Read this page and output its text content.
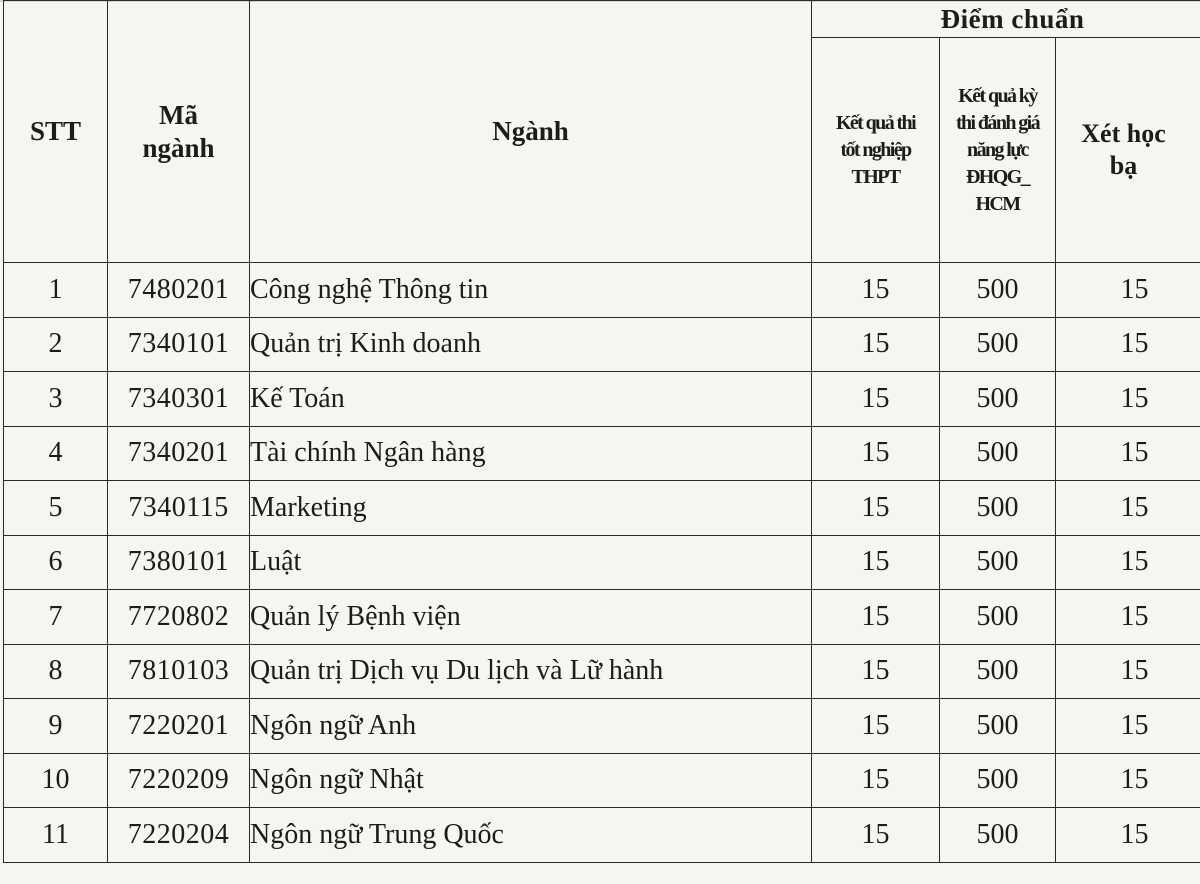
STT	Mã ngành	Ngành	Điểm chuẩn		
			Kết quả thi tốt nghiệp THPT	Kết quả kỳ thi đánh giá năng lực ĐHQG_ HCM	Xét học bạ
1	7480201	Công nghệ Thông tin	15	500	15
2	7340101	Quản trị Kinh doanh	15	500	15
3	7340301	Kế Toán	15	500	15
4	7340201	Tài chính Ngân hàng	15	500	15
5	7340115	Marketing	15	500	15
6	7380101	Luật	15	500	15
7	7720802	Quản lý Bệnh viện	15	500	15
8	7810103	Quản trị Dịch vụ Du lịch và Lữ hành	15	500	15
9	7220201	Ngôn ngữ Anh	15	500	15
10	7220209	Ngôn ngữ Nhật	15	500	15
11	7220204	Ngôn ngữ Trung Quốc	15	500	15
